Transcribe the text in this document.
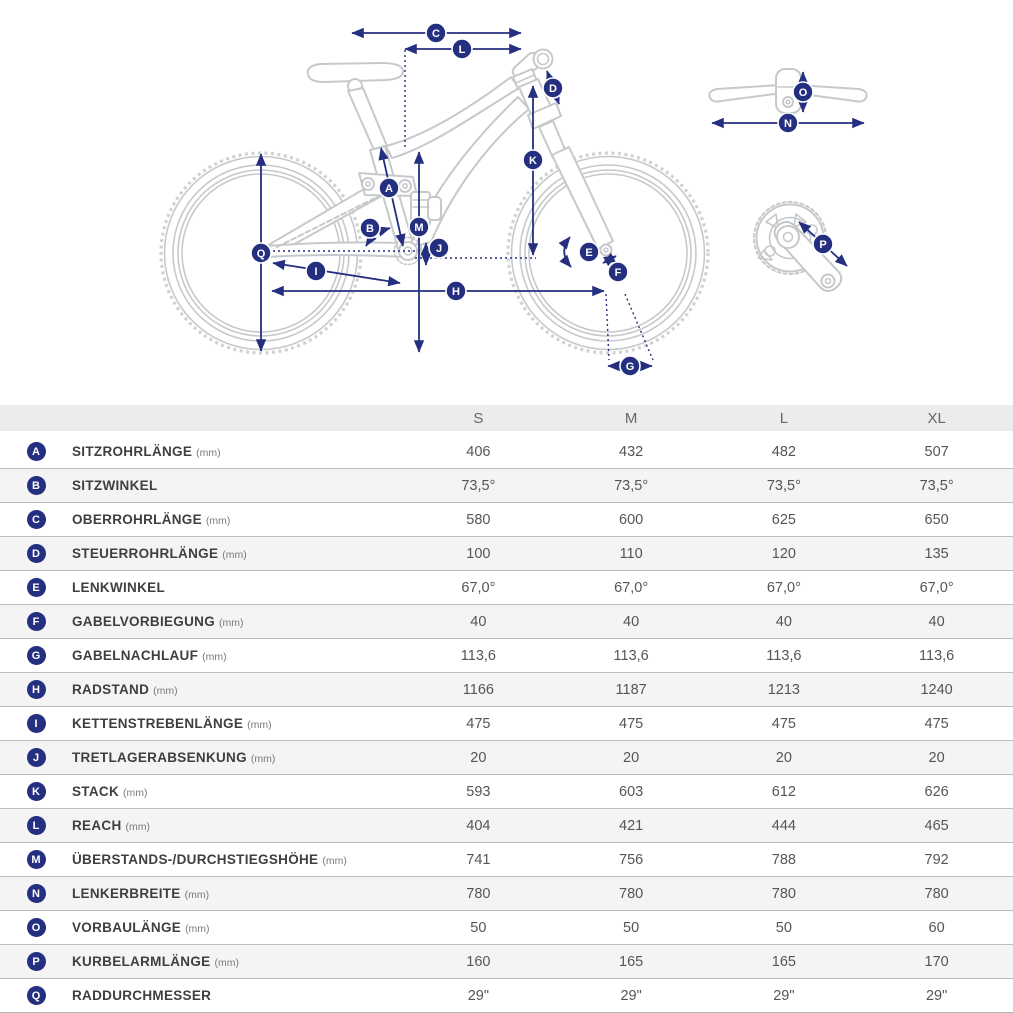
A
B
C
D
E
F
G
H
I
J
K
L
M
N
O
P
Q
		S	M	L	XL

A	SITZROHRLÄNGE (mm)	406	432	482	507

B	SITZWINKEL	73,5°	73,5°	73,5°	73,5°

C	OBERROHRLÄNGE (mm)	580	600	625	650

D	STEUERROHRLÄNGE (mm)	100	110	120	135

E	LENKWINKEL	67,0°	67,0°	67,0°	67,0°

F	GABELVORBIEGUNG (mm)	40	40	40	40

G	GABELNACHLAUF (mm)	113,6	113,6	113,6	113,6

H	RADSTAND (mm)	1166	1187	1213	1240

I	KETTENSTREBENLÄNGE (mm)	475	475	475	475

J	TRETLAGERABSENKUNG (mm)	20	20	20	20

K	STACK (mm)	593	603	612	626

L	REACH (mm)	404	421	444	465

M	ÜBERSTANDS-/DURCHSTIEGSHÖHE (mm)	741	756	788	792

N	LENKERBREITE (mm)	780	780	780	780

O	VORBAULÄNGE (mm)	50	50	50	60

P	KURBELARMLÄNGE (mm)	160	165	165	170

Q	RADDURCHMESSER	29"	29"	29"	29"
